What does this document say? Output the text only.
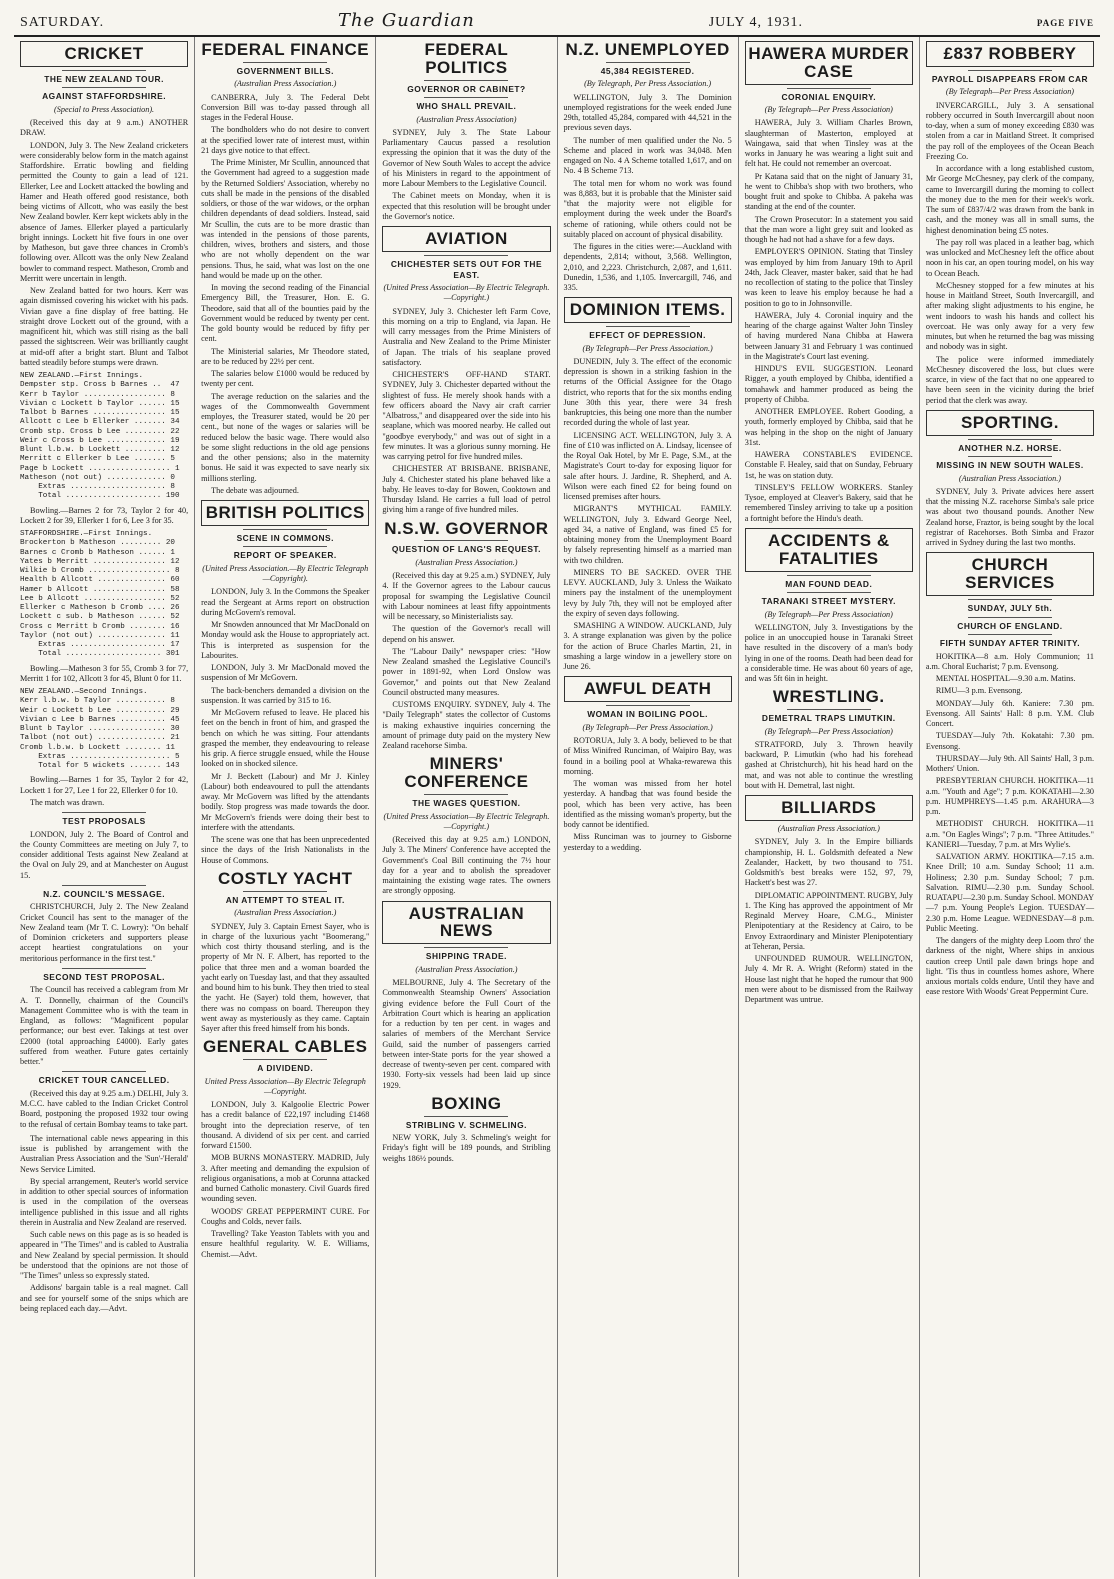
SATURDAY.	The Guardian	JULY 4, 1931.	PAGE FIVE
CRICKET
THE NEW ZEALAND TOUR.
AGAINST STAFFORDSHIRE.
(Special to Press Association).

(Received this day at 9 a.m.) ANOTHER DRAW.

LONDON, July 3. The New Zealand cricketers were considerably below form in the match against Staffordshire. Erratic bowling and fielding permitted the County to gain a lead of 121. Ellerker, Lee and Lockett attacked the bowling and Hamer and Heath offered good resistance, both being victims of Allcott, who was easily the best New Zealand bowler. Kerr kept wickets ably in the absence of James. Ellerker played a particularly bright innings. Lockett hit five fours in one over by Matheson, but gave three chances in Cromb's following over. Allcott was the only New Zealand bowler to command respect. Matheson, Cromb and Merritt were uncertain in length.

New Zealand batted for two hours. Kerr was again dismissed covering his wicket with his pads. Vivian gave a fine display of free batting. He straight drove Lockett out of the ground, with a magnificent hit, which was still rising as the ball passed the sightscreen. Weir was brilliantly caught at mid-off after a bright start. Blunt and Talbot batted steadily before stumps were drawn.

NEW ZEALAND.—First Innings.
Dempster stp. Cross b Barnes ..  47
Kerr b Taylor .................. 8
Vivian c Lockett b Taylor ...... 15
Talbot b Barnes ................ 15
Allcott c Lee b Ellerker ....... 34
Cromb stp. Cross b Lee ......... 22
Weir c Cross b Lee ............. 19
Blunt l.b.w. b Lockett ......... 12
Merritt c Ellerker b Lee ....... 5
Page b Lockett .................. 1
Matheson (not out) ............. 0
Extras ..................... 8
Total ..................... 190

Bowling.—Barnes 2 for 73, Taylor 2 for 40, Lockett 2 for 39, Ellerker 1 for 6, Lee 3 for 35.

STAFFORDSHIRE.—First Innings.
Brockerton b Matheson ......... 20
Barnes c Cromb b Matheson ...... 1
Yates b Merritt ................ 12
Wilkie b Cromb .................. 8
Health b Allcott ............... 60
Hamer b Allcott ................ 58
Lee b Allcott .................. 52
Ellerker c Matheson b Cromb .... 26
Lockett c sub. b Matheson ...... 52
Cross c Merritt b Cromb ........ 16
Taylor (not out) ............... 11
Extras ..................... 17
Total ..................... 301

Bowling.—Matheson 3 for 55, Cromb 3 for 77, Merritt 1 for 102, Allcott 3 for 45, Blunt 0 for 11.

NEW ZEALAND.—Second Innings.
Kerr l.b.w. b Taylor ........... 8
Weir c Lockett b Lee ........... 29
Vivian c Lee b Barnes .......... 45
Blunt b Taylor ................. 30
Talbot (not out) ............... 21
Cromb l.b.w. b Lockett ........ 11
Extras ...................... 5
Total for 5 wickets ....... 143

Bowling.—Barnes 1 for 35, Taylor 2 for 42, Lockett 1 for 27, Lee 1 for 22, Ellerker 0 for 10.

The match was drawn.

TEST PROPOSALS

LONDON, July 2. The Board of Control and the County Committees are meeting on July 7, to consider additional Tests against New Zealand at the Oval on July 29, and at Manchester on August 15.

N.Z. COUNCIL'S MESSAGE.

CHRISTCHURCH, July 2. The New Zealand Cricket Council has sent to the manager of the New Zealand team (Mr T. C. Lowry): "On behalf of Dominion cricketers and supporters please accept heartiest congratulations on your meritorious performance in the first test."

SECOND TEST PROPOSAL.

The Council has received a cablegram from Mr A. T. Donnelly, chairman of the Council's Management Committee who is with the team in England, as follows: "Magnificent popular performance; our best ever. Takings at test over £2000 (total approaching £4000). Early gates suffered from weather. Future gates certainly better."

CRICKET TOUR CANCELLED.

(Received this day at 9.25 a.m.) DELHI, July 3. M.C.C. have cabled to the Indian Cricket Control Board, postponing the proposed 1932 tour owing to the refusal of certain Bombay teams to take part.

The international cable news appearing in this issue is published by arrangement with the Australian Press Association and the 'Sun'-'Herald' News Service Limited.

By special arrangement, Reuter's world service in addition to other special sources of information is used in the compilation of the overseas intelligence published in this issue and all rights therein in Australia and New Zealand are reserved.

Such cable news on this page as is so headed is appeared in "The Times" and is cabled to Australia and New Zealand by special permission. It should be understood that the opinions are not those of "The Times" unless so expressly stated.

Addisons' bargain table is a real magnet. Call and see for yourself some of the snips which are being replaced each day.—Advt.

FEDERAL FINANCE
GOVERNMENT BILLS.
(Australian Press Association.)

CANBERRA, July 3. The Federal Debt Conversion Bill was to-day passed through all stages in the Federal House.

The bondholders who do not desire to convert at the specified lower rate of interest must, within 21 days give notice to that effect.

The Prime Minister, Mr Scullin, announced that the Government had agreed to a suggestion made by the Returned Soldiers' Association, whereby no cuts shall be made in the pensions of the disabled soldiers, or those of the war widows, or the orphan children dependants of dead soldiers. Instead, said Mr Scullin, the cuts are to be more drastic than was intended in the pensions of those parents, children, wives, brothers and sisters, and those who are not wholly dependent on the war pensions. Thus, he said, what was lost on the one hand would be made up on the other.

In moving the second reading of the Financial Emergency Bill, the Treasurer, Hon. E. G. Theodore, said that all of the bounties paid by the Government would be reduced by twenty per cent. The gold bounty would be reduced by fifty per cent.

The Ministerial salaries, Mr Theodore stated, are to be reduced by 22½ per cent.

The salaries below £1000 would be reduced by twenty per cent.

The average reduction on the salaries and the wages of the Commonwealth Government employes, the Treasurer stated, would be 20 per cent., but none of the wages or salaries will be reduced below the basic wage. There would also be some slight reductions in the old age pensions and the other pensions; also in the maternity bonus. He said it was expected to save nearly six millions sterling.

The debate was adjourned.

BRITISH POLITICS
SCENE IN COMMONS.
REPORT OF SPEAKER.
(United Press Association.—By Electric Telegraph—Copyright).

LONDON, July 3. In the Commons the Speaker read the Sergeant at Arms report on obstruction during McGovern's removal.

Mr Snowden announced that Mr MacDonald on Monday would ask the House to appropriately act. This is interpreted as suspension for the Labourites.

LONDON, July 3. Mr MacDonald moved the suspension of Mr McGovern.

The back-benchers demanded a division on the suspension. It was carried by 315 to 16.

Mr McGovern refused to leave. He placed his feet on the bench in front of him, and grasped the bench on which he was sitting. Four attendants grasped the member, they endeavouring to release his grip. A fierce struggle ensued, while the House looked on in shocked silence.

Mr J. Beckett (Labour) and Mr J. Kinley (Labour) both endeavoured to pull the attendants away. Mr McGovern was lifted by the attendants bodily. Stop progress was made towards the door. Mr McGovern's friends were doing their best to interfere with the attendants.

The scene was one that has been unprecedented since the days of the Irish Nationalists in the House of Commons.

COSTLY YACHT
AN ATTEMPT TO STEAL IT.
(Australian Press Association.)

SYDNEY, July 3. Captain Ernest Sayer, who is in charge of the luxurious yacht "Boomerang," which cost thirty thousand sterling, and is the property of Mr N. F. Albert, has reported to the police that three men and a woman boarded the yacht early on Tuesday last, and that they assaulted and bound him to his bunk. They then tried to steal the yacht. He (Sayer) told them, however, that there was no compass on board. Thereupon they went away as mysteriously as they came. Captain Sayer after this freed himself from his bonds.

GENERAL CABLES
A DIVIDEND.
United Press Association—By Electric Telegraph—Copyright.

LONDON, July 3. Kalgoolie Electric Power has a credit balance of £22,197 including £1468 brought into the depreciation reserve, of ten thousand. A dividend of six per cent. and carried forward £1500.

MOB BURNS MONASTERY. MADRID, July 3. After meeting and demanding the expulsion of religious organisations, a mob at Corunna attacked and burned Catholic monastery. Civil Guards fired wounding seven.

WOODS' GREAT PEPPERMINT CURE. For Coughs and Colds, never fails.

Travelling? Take Yeaston Tablets with you and ensure healthful regularity. W. E. Williams, Chemist.—Advt.

FEDERAL POLITICS
GOVERNOR OR CABINET?
WHO SHALL PREVAIL.
(Australian Press Association)

SYDNEY, July 3. The State Labour Parliamentary Caucus passed a resolution expressing the opinion that it was the duty of the Governor of New South Wales to accept the advice of his Ministers in regard to the appointment of more Labour Members to the Legislative Council.

The Cabinet meets on Monday, when it is expected that this resolution will be brought under the Governor's notice.

AVIATION
CHICHESTER SETS OUT FOR THE EAST.
(United Press Association—By Electric Telegraph.—Copyright.)

SYDNEY, July 3. Chichester left Farm Cove, this morning on a trip to England, via Japan. He will carry messages from the Prime Ministers of Australia and New Zealand to the Prime Minister of Japan. The trials of his seaplane proved satisfactory.

CHICHESTER'S OFF-HAND START. SYDNEY, July 3. Chichester departed without the slightest of fuss. He merely shook hands with a few officers aboard the Navy air craft carrier "Albatross," and disappeared over the side into his seaplane, which was moored nearby. He called out "goodbye everybody," and was out of sight in a few minutes. It was a glorious sunny morning. He was carrying petrol for five hundred miles.

CHICHESTER AT BRISBANE. BRISBANE, July 4. Chichester stated his plane behaved like a baby. He leaves to-day for Bowen, Cooktown and Thursday Island. He carries a full load of petrol giving him a range of five hundred miles.

N.S.W. GOVERNOR
QUESTION OF LANG'S REQUEST.
(Australian Press Association.)

(Received this day at 9.25 a.m.) SYDNEY, July 4. If the Governor agrees to the Labour caucus proposal for swamping the Legislative Council with Labour nominees at least fifty appointments will be necessary, so Ministerialists say.

The question of the Governor's recall will depend on his answer.

The "Labour Daily" newspaper cries: "How New Zealand smashed the Legislative Council's power in 1891-92, when Lord Onslow was Governor," and points out that New Zealand Council obstructed many measures.

CUSTOMS ENQUIRY. SYDNEY, July 4. The "Daily Telegraph" states the collector of Customs is making exhaustive inquiries concerning the amount of primage duty paid on the mystery New Zealand racehorse Simba.

MINERS' CONFERENCE
THE WAGES QUESTION.
(United Press Association—By Electric Telegraph.—Copyright.)

(Received this day at 9.25 a.m.) LONDON, July 3. The Miners' Conference have accepted the Government's Coal Bill continuing the 7½ hour day for a year and to abolish the spreadover maintaining the existing wage rates. The owners are strongly opposing.

AUSTRALIAN NEWS
SHIPPING TRADE.
(Australian Press Association.)

MELBOURNE, July 4. The Secretary of the Commonwealth Steamship Owners' Association giving evidence before the Full Court of the Arbitration Court which is hearing an application for a reduction by ten per cent. in wages and salaries of members of the Merchant Service Guild, said the number of passengers carried between inter-State ports for the year showed a decrease of twenty-seven per cent. compared with 1930. Forty-six vessels had been laid up since 1929.

BOXING
STRIBLING V. SCHMELING.

NEW YORK, July 3. Schmeling's weight for Friday's fight will be 189 pounds, and Stribling weighs 186½ pounds.

N.Z. UNEMPLOYED
45,384 REGISTERED.
(By Telegraph, Per Press Association.)

WELLINGTON, July 3. The Dominion unemployed registrations for the week ended June 29th, totalled 45,284, compared with 44,521 in the previous seven days.

The number of men qualified under the No. 5 Scheme and placed in work was 34,048. Men engaged on No. 4 A Scheme totalled 1,617, and on No. 4 B Scheme 713.

The total men for whom no work was found was 8,883, but it is probable that the Minister said "that the majority were not eligible for employment during the week under the Board's scheme of rationing, while others could not be suitably placed on account of physical disability.

The figures in the cities were:—Auckland with dependents, 2,814; without, 3,568. Wellington, 2,010, and 2,223. Christchurch, 2,087, and 1,611. Dunedin, 1,536, and 1,105. Invercargill, 746, and 335.

DOMINION ITEMS.
EFFECT OF DEPRESSION.
(By Telegraph—Per Press Association.)

DUNEDIN, July 3. The effect of the economic depression is shown in a striking fashion in the returns of the Official Assignee for the Otago district, who reports that for the six months ending June 30th this year, there were 34 fresh bankruptcies, this being one more than the number recorded during the whole of last year.

LICENSING ACT. WELLINGTON, July 3. A fine of £10 was inflicted on A. Lindsay, licensee of the Royal Oak Hotel, by Mr E. Page, S.M., at the Magistrate's Court to-day for exposing liquor for sale after hours. J. Jardine, R. Shepherd, and A. Wilson were each fined £2 for being found on licensed premises after hours.

MIGRANT'S MYTHICAL FAMILY. WELLINGTON, July 3. Edward George Neel, aged 34, a native of England, was fined £5 for obtaining money from the Unemployment Board by falsely representing himself as a married man with two children.

MINERS TO BE SACKED. OVER THE LEVY. AUCKLAND, July 3. Unless the Waikato miners pay the instalment of the unemployment levy by July 7th, they will not be employed after the expiry of seven days following.

SMASHING A WINDOW. AUCKLAND, July 3. A strange explanation was given by the police for the action of Bruce Charles Martin, 21, in smashing a large window in a jewellery store on June 26.

AWFUL DEATH
WOMAN IN BOILING POOL.
(By Telegraph—Per Press Association.)

ROTORUA, July 3. A body, believed to be that of Miss Winifred Runciman, of Waipiro Bay, was found in a boiling pool at Whaka-rewarewa this morning.

The woman was missed from her hotel yesterday. A handbag that was found beside the pool, which has been very active, has been identified as the missing woman's property, but the body cannot be identified.

Miss Runciman was to journey to Gisborne yesterday to a wedding.

HAWERA MURDER CASE
CORONIAL ENQUIRY.
(By Telegraph—Per Press Association)

HAWERA, July 3. William Charles Brown, slaughterman of Masterton, employed at Waingawa, said that when Tinsley was at the works in January he was wearing a light suit and felt hat. He could not remember an overcoat.

Pr Katana said that on the night of January 31, he went to Chibba's shop with two brothers, who bought fruit and spoke to Chibba. A pakeha was standing at the end of the counter.

The Crown Prosecutor: In a statement you said that the man wore a light grey suit and looked as though he had not had a shave for a few days.

EMPLOYER'S OPINION. Stating that Tinsley was employed by him from January 19th to April 24th, Jack Cleaver, master baker, said that he had no recollection of stating to the police that Tinsley was keen to leave his employ because he had a position to go to in Johnsonville.

HAWERA, July 4. Coronial inquiry and the hearing of the charge against Walter John Tinsley of having murdered Nana Chibba at Hawera between January 31 and February 1 was continued in the Magistrate's Court last evening.

HINDU'S EVIL SUGGESTION. Leonard Rigger, a youth employed by Chibba, identified a tomahawk and hammer produced as being the property of Chibba.

ANOTHER EMPLOYEE. Robert Gooding, a youth, formerly employed by Chibba, said that he was helping in the shop on the night of January 31st.

HAWERA CONSTABLE'S EVIDENCE. Constable F. Healey, said that on Sunday, February 1st, he was on station duty.

TINSLEY'S FELLOW WORKERS. Stanley Tysoe, employed at Cleaver's Bakery, said that he remembered Tinsley arriving to take up a position a fortnight before the Hindu's death.

ACCIDENTS & FATALITIES
MAN FOUND DEAD.
TARANAKI STREET MYSTERY.
(By Telegraph—Per Press Association)

WELLINGTON, July 3. Investigations by the police in an unoccupied house in Taranaki Street have resulted in the discovery of a man's body lying in one of the rooms. Death had been dead for a considerable time. He was about 60 years of age, and was 5ft 6in in height.

WRESTLING.
DEMETRAL TRAPS LIMUTKIN.
(By Telegraph—Per Press Association)

STRATFORD, July 3. Thrown heavily backward, P. Limutkin (who had his forehead gashed at Christchurch), hit his head hard on the mat, and was not able to continue the wrestling bout with H. Demetral, last night.

BILLIARDS
(Australian Press Association.)

SYDNEY, July 3. In the Empire billiards championship, H. L. Goldsmith defeated a New Zealander, Hackett, by two thousand to 751. Goldsmith's best breaks were 152, 97, 79, Hackett's best was 27.

DIPLOMATIC APPOINTMENT. RUGBY, July 1. The King has approved the appointment of Mr Reginald Mervey Hoare, C.M.G., Minister Plenipotentiary at the Residency at Cairo, to be Envoy Extraordinary and Minister Plenipotentiary at Teheran, Persia.

UNFOUNDED RUMOUR. WELLINGTON, July 4. Mr R. A. Wright (Reform) stated in the House last night that he hoped the rumour that 900 men were about to be dismissed from the Railway Department was untrue.

£837 ROBBERY
PAYROLL DISAPPEARS FROM CAR
(By Telegraph—Per Press Association)

INVERCARGILL, July 3. A sensational robbery occurred in South Invercargill about noon to-day, when a sum of money exceeding £830 was stolen from a car in Maitland Street. It comprised the pay roll of the employees of the Ocean Beach Freezing Co.

In accordance with a long established custom, Mr George McChesney, pay clerk of the company, came to Invercargill during the morning to collect the money due to the men for their week's work. The sum of £837/4/2 was drawn from the bank in cash, and the money was all in small sums, the highest denomination being £5 notes.

The pay roll was placed in a leather bag, which was unlocked and McChesney left the office about noon in his car, an open touring model, on his way to Ocean Beach.

McChesney stopped for a few minutes at his house in Maitland Street, South Invercargill, and after making slight adjustments to his engine, he went indoors to wash his hands and collect his overcoat. He was only away for a very few minutes, but when he returned the bag was missing and nobody was in sight.

The police were informed immediately McChesney discovered the loss, but clues were scarce, in view of the fact that no one appeared to have been seen in the vicinity during the brief period that the clerk was away.

SPORTING.
ANOTHER N.Z. HORSE.
MISSING IN NEW SOUTH WALES.
(Australian Press Association.)

SYDNEY, July 3. Private advices here assert that the missing N.Z. racehorse Simba's sale price was about two thousand pounds. Another New Zealand horse, Fraztor, is being sought by the local registrar of Racehorses. Both Simba and Frazor arrived in Sydney during the last two months.

CHURCH SERVICES
SUNDAY, JULY 5th.
CHURCH OF ENGLAND.
FIFTH SUNDAY AFTER TRINITY.

HOKITIKA—8 a.m. Holy Communion; 11 a.m. Choral Eucharist; 7 p.m. Evensong.

MENTAL HOSPITAL—9.30 a.m. Matins.

RIMU—3 p.m. Evensong.

MONDAY—July 6th. Kaniere: 7.30 pm. Evensong. All Saints' Hall: 8 p.m. Y.M. Club Concert.

TUESDAY—July 7th. Kokatahi: 7.30 pm. Evensong.

THURSDAY—July 9th. All Saints' Hall, 3 p.m. Mothers' Union.

PRESBYTERIAN CHURCH. HOKITIKA—11 a.m. "Youth and Age"; 7 p.m. KOKATAHI—2.30 p.m. HUMPHREYS—1.45 p.m. ARAHURA—3 p.m.

METHODIST CHURCH. HOKITIKA—11 a.m. "On Eagles Wings"; 7 p.m. "Three Attitudes." KANIERI—Tuesday, 7 p.m. at Mrs Wylie's.

SALVATION ARMY. HOKITIKA—7.15 a.m. Knee Drill; 10 a.m. Sunday School; 11 a.m. Holiness; 2.30 p.m. Sunday School; 7 p.m. Salvation. RIMU—2.30 p.m. Sunday School. RUATAPU—2.30 p.m. Sunday School. MONDAY—7 p.m. Young People's Legion. TUESDAY—2.30 p.m. Home League. WEDNESDAY—8 p.m. Public Meeting.

The dangers of the mighty deep Loom thro' the darkness of the night, Where ships in anxious caution creep Until pale dawn brings hope and light. 'Tis thus in countless homes ashore, Where anxious mortals colds endure, Until they have and ease restore With Woods' Great Peppermint Cure.
